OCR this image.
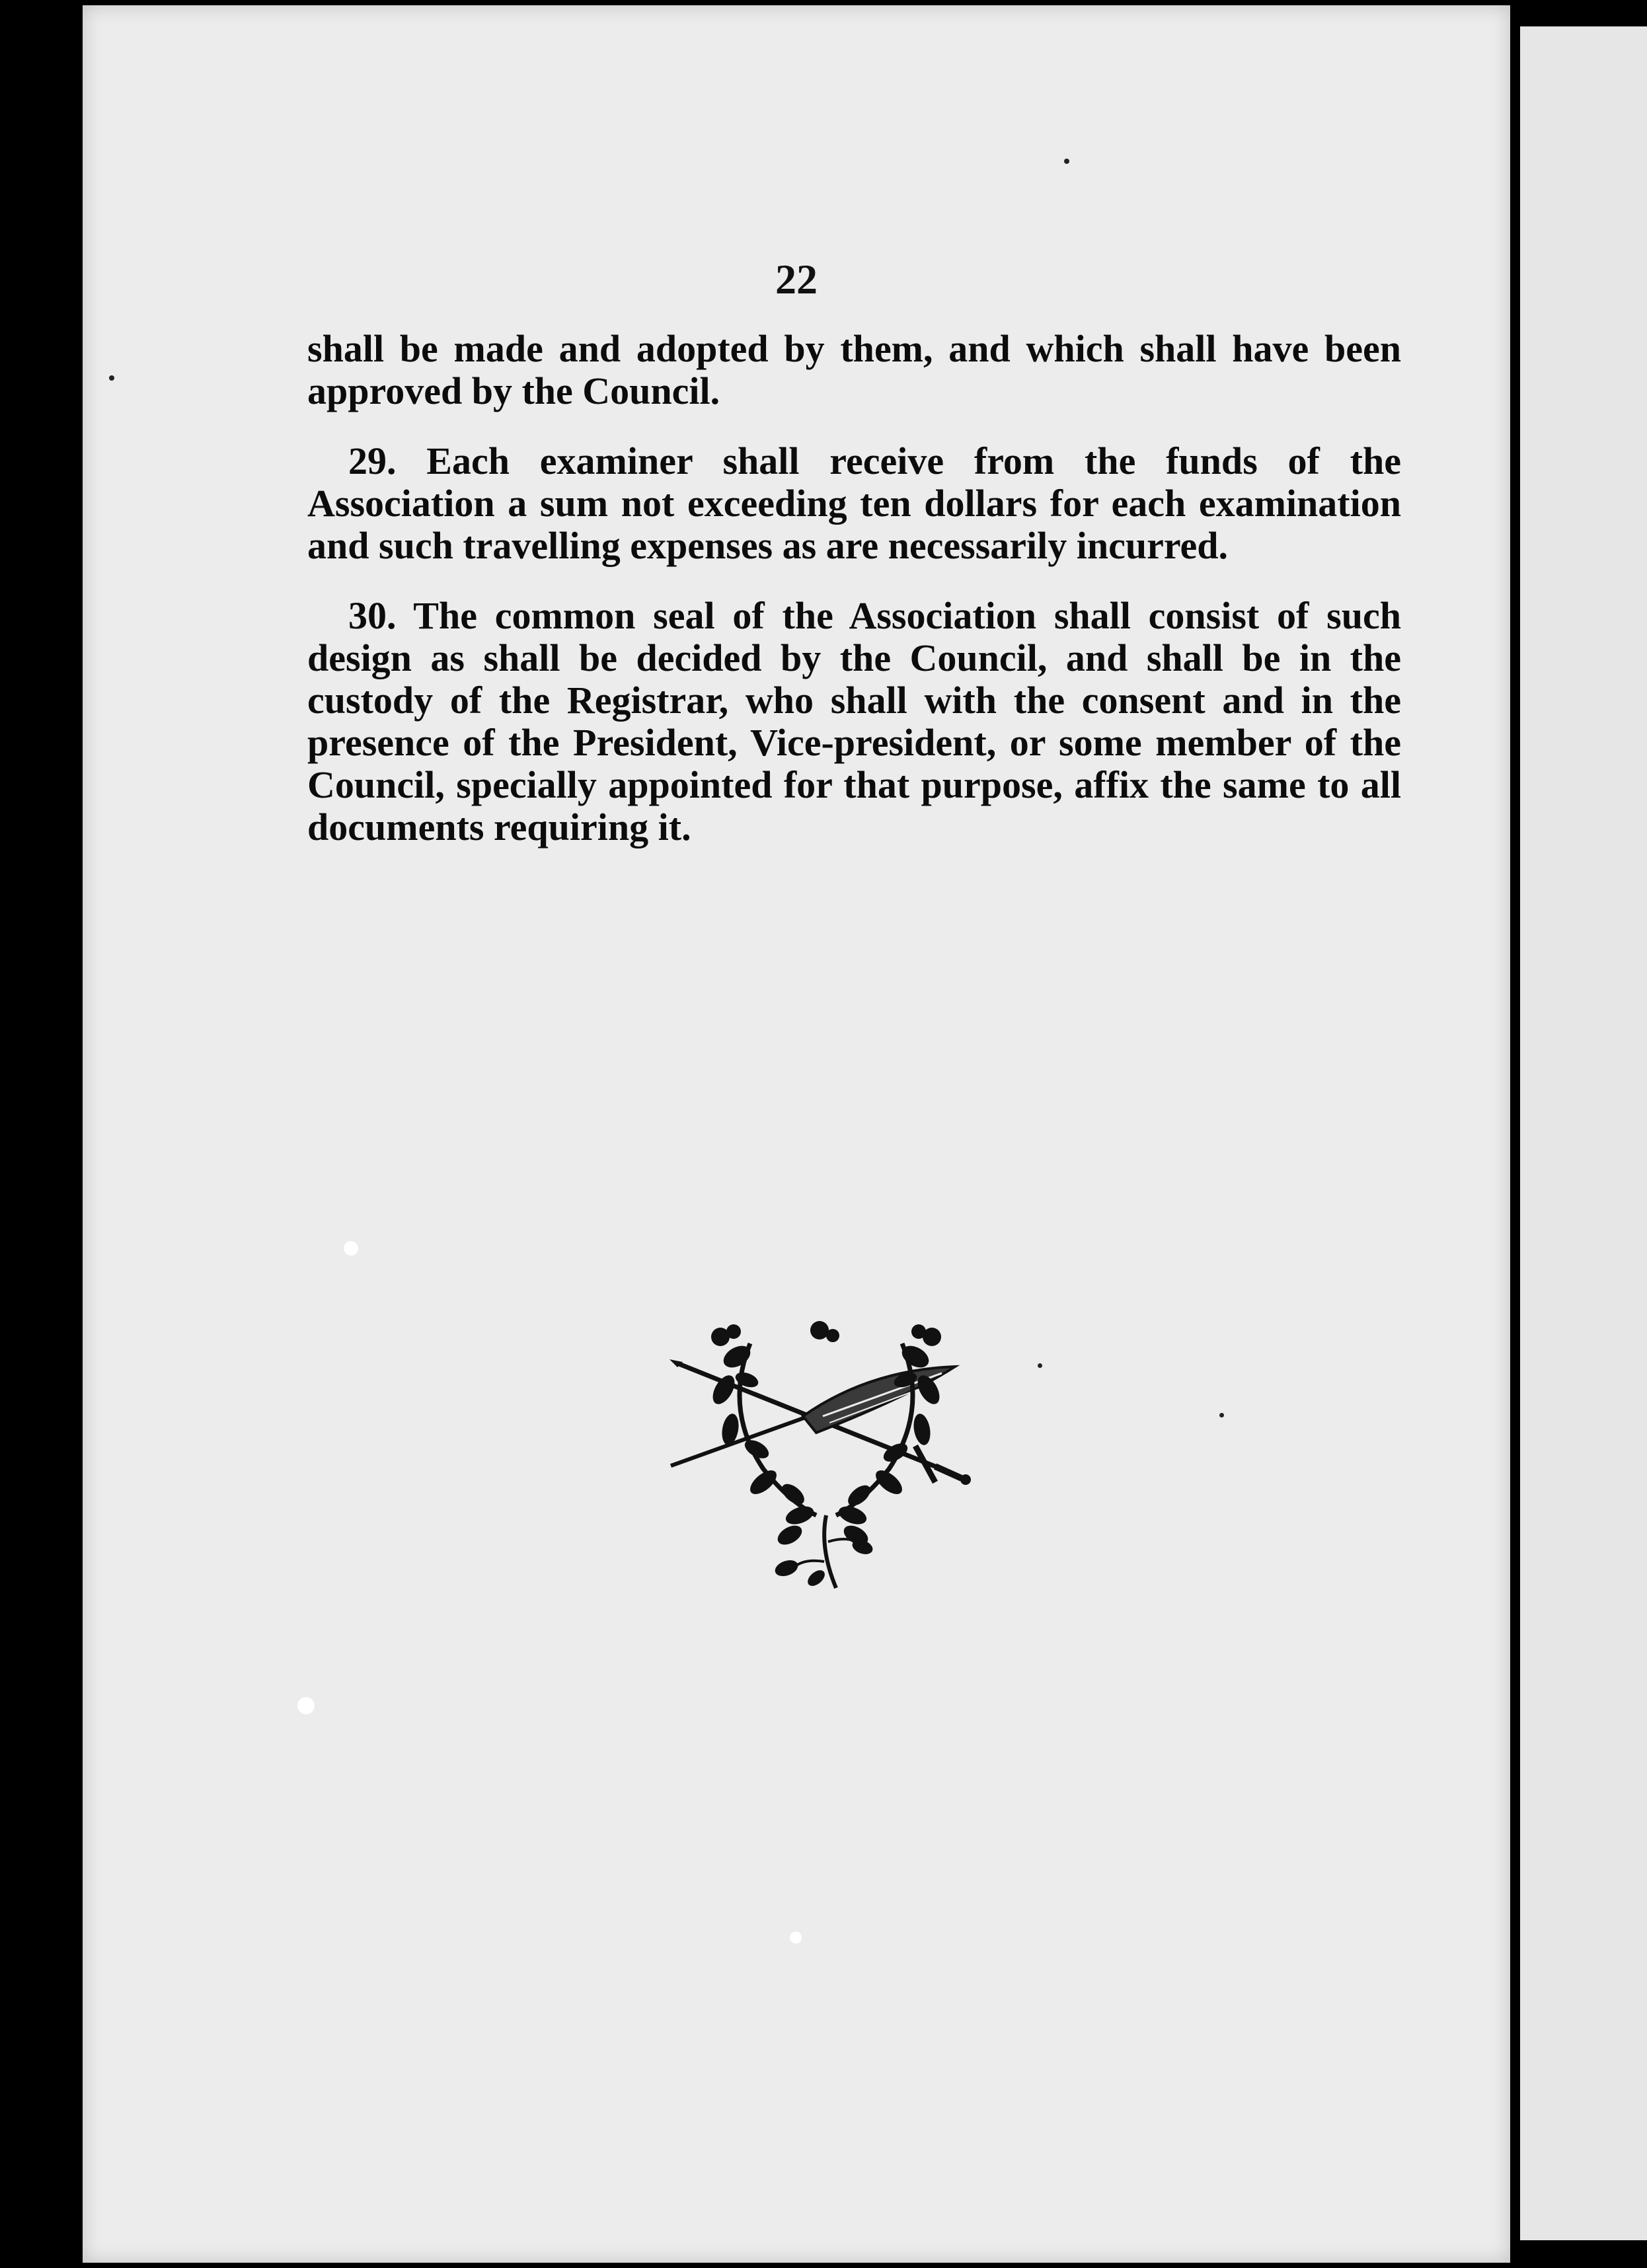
22

shall be made and adopted by them, and which shall have been approved by the Council.

29. Each examiner shall receive from the funds of the Association a sum not exceeding ten dollars for each examination and such travelling expenses as are necessarily incurred.

30. The common seal of the Association shall consist of such design as shall be decided by the Council, and shall be in the custody of the Registrar, who shall with the consent and in the presence of the President, Vice-president, or some member of the Council, specially appointed for that purpose, affix the same to all documents requiring it.
